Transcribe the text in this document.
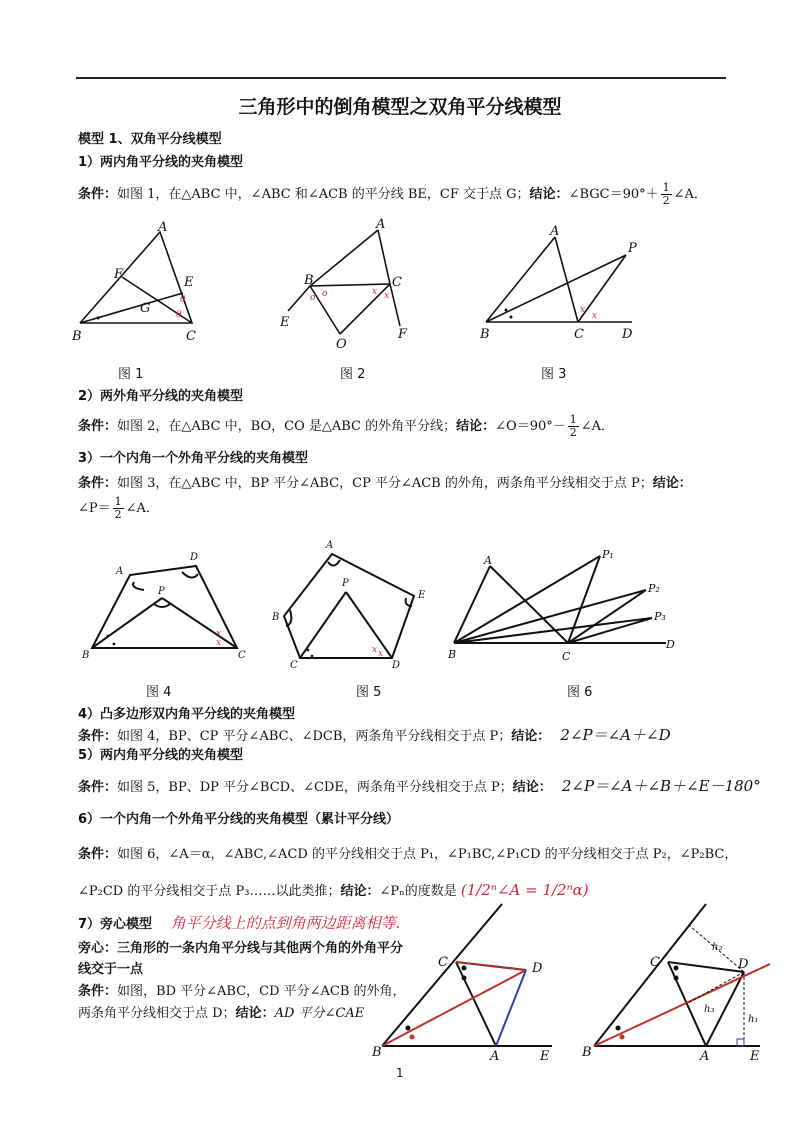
三角形中的倒角模型之双角平分线模型
模型 1、双角平分线模型
1）两内角平分线的夹角模型
条件：如图 1，在△ABC 中，∠ABC 和∠ACB 的平分线 BE，CF 交于点 G；结论：∠BGC＝90°＋ $\frac{1}{2}$ ∠A．
θ
θ
A
F
E
G
B	C
图 1
o o	x x
A
B	C
E
F
O
图 2
x
x
A
P
B	C	D
图 3
2）两外角平分线的夹角模型
条件：如图 2，在△ABC 中，BO，CO 是△ABC 的外角平分线；结论：∠O＝90°－ $\frac{1}{2}$ ∠A．
3）一个内角一个外角平分线的夹角模型
条件：如图 3，在△ABC 中，BP 平分∠ABC，CP 平分∠ACB 的外角，两条角平分线相交于点 P；结论：
∠P＝ $\frac{1}{2}$ ∠A．
x
x
A
D
P
B	C
图 4
x x
A
E
B
P
C	D
图 5
A	P₁
P₂
P₃
D
B	C
图 6
4）凸多边形双内角平分线的夹角模型
条件：如图 4，BP、CP 平分∠ABC、∠DCB，两条角平分线相交于点 P；结论： 2∠P＝∠A＋∠D
5）两内角平分线的夹角模型
条件：如图 5，BP、DP 平分∠BCD、∠CDE，两条角平分线相交于点 P；结论： 2∠P＝∠A＋∠B＋∠E－180°
6）一个内角一个外角平分线的夹角模型（累计平分线）
条件：如图 6，∠A＝α，∠ABC,∠ACD 的平分线相交于点 P₁，∠P₁BC,∠P₁CD 的平分线相交于点 P₂，∠P₂BC，
∠P₂CD 的平分线相交于点 P₃……以此类推；结论：∠Pₙ的度数是 (1/2ⁿ∠A = 1/2ⁿα)
7）旁心模型 角平分线上的点到角两边距离相等.
旁心：三角形的一条内角平分线与其他两个角的外角平分
线交于一点
条件：如图，BD 平分∠ABC，CD 平分∠ACB 的外角，
两条角平分线相交于点 D；结论：AD 平分∠CAE
C	D
B	A	E
C	D
B	A	E
h₂
h₃
h₁
1
